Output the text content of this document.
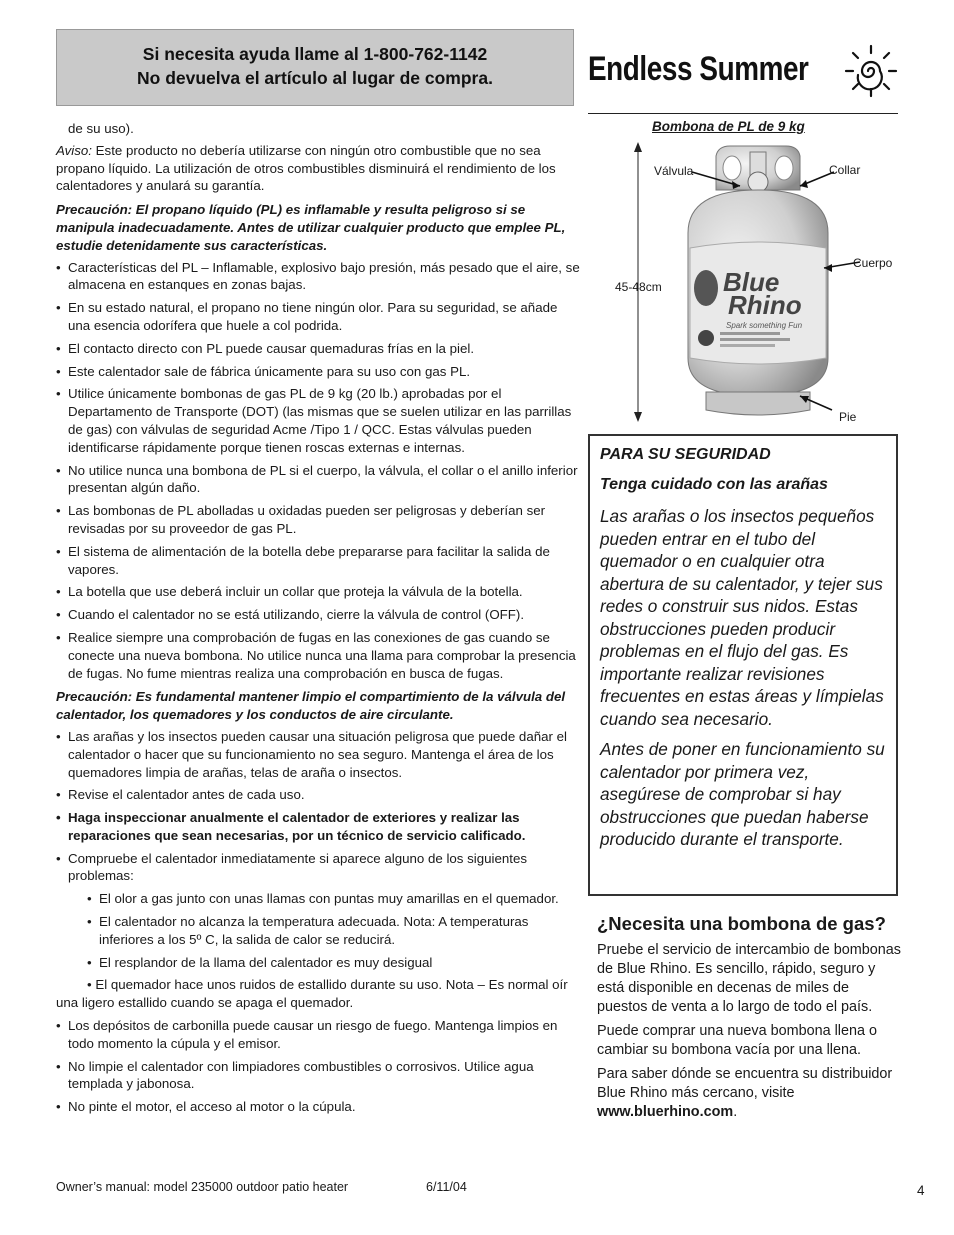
Si necesita ayuda llame al 1-800-762-1142
No devuelva el artículo al lugar de compra.	Endless Summer

de su uso).

Aviso: Este producto no debería utilizarse con ningún otro combustible que no sea propano líquido. La utilización de otros combustibles disminuirá el rendimiento de los calentadores y anulará su garantía.

Precaución: El propano líquido (PL) es inflamable y resulta peligroso si se manipula inadecuadamente. Antes de utilizar cualquier producto que emplee PL, estudie detenidamente sus características.

• Características del PL – Inflamable, explosivo bajo presión, más pesado que el aire, se almacena en estanques en zonas bajas.
• En su estado natural, el propano no tiene ningún olor. Para su seguridad, se añade una esencia odorífera que huele a col podrida.
• El contacto directo con PL puede causar quemaduras frías en la piel.
• Este calentador sale de fábrica únicamente para su uso con gas PL.
• Utilice únicamente bombonas de gas PL de 9 kg (20 lb.) aprobadas por el Departamento de Transporte (DOT) (las mismas que se suelen utilizar en las parrillas de gas) con válvulas de seguridad Acme /Tipo 1 / QCC. Estas válvulas pueden identificarse rápidamente porque tienen roscas externas e internas.
• No utilice nunca una bombona de PL si el cuerpo, la válvula, el collar o el anillo inferior presentan algún daño.
• Las bombonas de PL abolladas u oxidadas pueden ser peligrosas y deberían ser revisadas por su proveedor de gas PL.
• El sistema de alimentación de la botella debe prepararse para facilitar la salida de vapores.
• La botella que use deberá incluir un collar que proteja la válvula de la botella.
• Cuando el calentador no se está utilizando, cierre la válvula de control (OFF).
• Realice siempre una comprobación de fugas en las conexiones de gas cuando se conecte una nueva bombona. No utilice nunca una llama para comprobar la presencia de fugas. No fume mientras realiza una comprobación en busca de fugas.

Precaución: Es fundamental mantener limpio el compartimiento de la válvula del calentador, los quemadores y los conductos de aire circulante.

• Las arañas y los insectos pueden causar una situación peligrosa que puede dañar el calentador o hacer que su funcionamiento no sea seguro. Mantenga el área de los quemadores limpia de arañas, telas de araña o insectos.
• Revise el calentador antes de cada uso.
• Haga inspeccionar anualmente el calentador de exteriores y realizar las reparaciones que sean necesarias, por un técnico de servicio calificado.
• Compruebe el calentador inmediatamente si aparece alguno de los siguientes problemas:
• El olor a gas junto con unas llamas con puntas muy amarillas en el quemador.
• El calentador no alcanza la temperatura adecuada. Nota: A temperaturas inferiores a los 5º C, la salida de calor se reducirá.
• El resplandor de la llama del calentador es muy desigual

• El quemador hace unos ruidos de estallido durante su uso. Nota – Es normal oír una ligero estallido cuando se apaga el quemador.

• Los depósitos de carbonilla puede causar un riesgo de fuego. Mantenga limpios en todo momento la cúpula y el emisor.
• No limpie el calentador con limpiadores combustibles o corrosivos. Utilice agua templada y jabonosa.
• No pinte el motor, el acceso al motor o la cúpula.
Owner’s manual: model 235000 outdoor patio heater	6/11/04	4
Bombona de PL de 9 kg
Blue
Rhino
Spark something Fun
Válvula	Collar
Cuerpo
45-48cm
Pie

PARA SU SEGURIDAD

Tenga cuidado con las arañas

Las arañas o los insectos pequeños pueden entrar en el tubo del quemador o en cualquier otra abertura de su calentador, y tejer sus redes o construir sus nidos. Estas obstrucciones pueden producir problemas en el flujo del gas. Es importante realizar revisiones frecuentes en estas áreas y límpielas cuando sea necesario.

Antes de poner en funcionamiento su calentador por primera vez, asegúrese de comprobar si hay obstrucciones que puedan haberse producido durante el transporte.

¿Necesita una bombona de gas?

Pruebe el servicio de intercambio de bombonas de Blue Rhino. Es sencillo, rápido, seguro y está disponible en decenas de miles de puestos de venta a lo largo de todo el país.

Puede comprar una nueva bombona llena o cambiar su bombona vacía por una llena.

Para saber dónde se encuentra su distribuidor Blue Rhino más cercano, visite www.bluerhino.com.
